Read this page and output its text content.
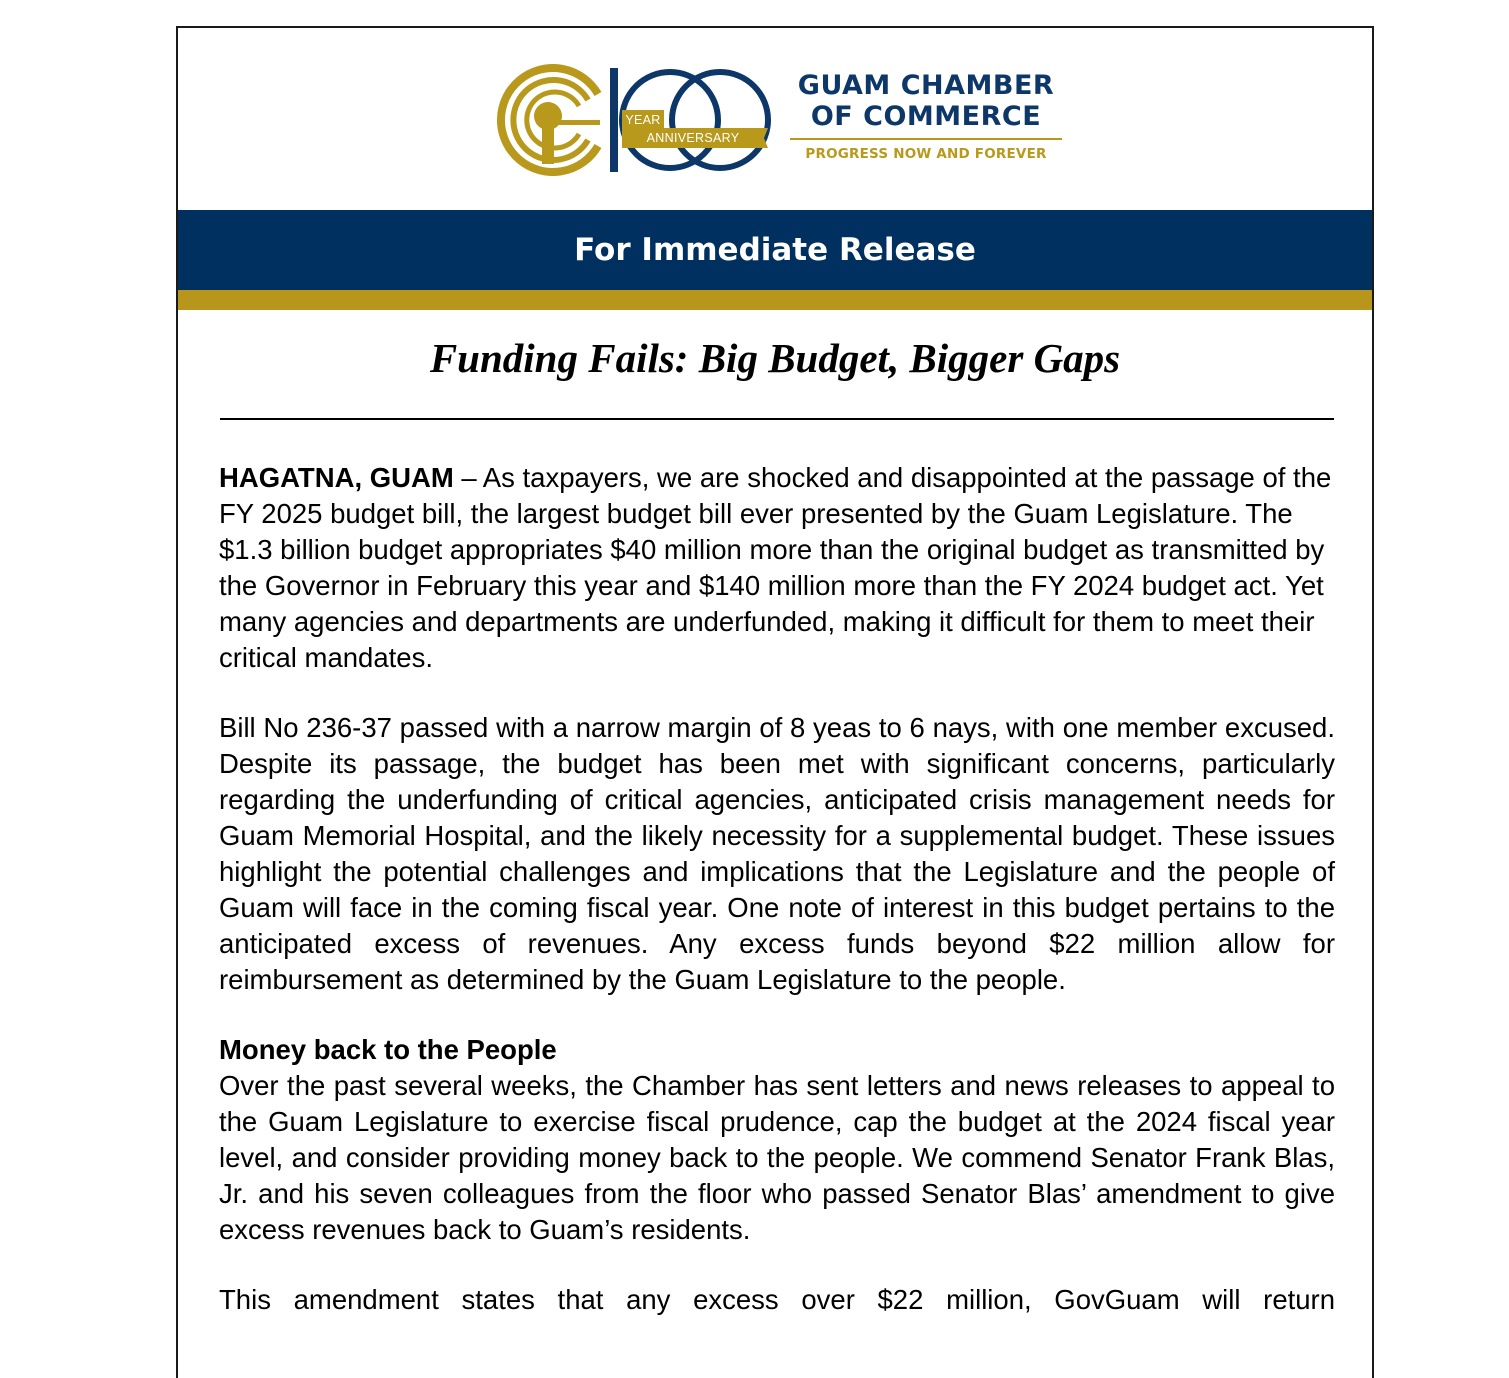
YEAR
ANNIVERSARY
GUAM CHAMBER
OF COMMERCE
PROGRESS NOW AND FOREVER
For Immediate Release
Funding Fails: Big Budget, Bigger Gaps

HAGATNA, GUAM – As taxpayers, we are shocked and disappointed at the passage of the FY 2025 budget bill, the largest budget bill ever presented by the Guam Legislature. The $1.3 billion budget appropriates $40 million more than the original budget as transmitted by the Governor in February this year and $140 million more than the FY 2024 budget act. Yet many agencies and departments are underfunded, making it difficult for them to meet their critical mandates.

Bill No 236-37 passed with a narrow margin of 8 yeas to 6 nays, with one member excused. Despite its passage, the budget has been met with significant concerns, particularly regarding the underfunding of critical agencies, anticipated crisis management needs for Guam Memorial Hospital, and the likely necessity for a supplemental budget. These issues highlight the potential challenges and implications that the Legislature and the people of Guam will face in the coming fiscal year. One note of interest in this budget pertains to the anticipated excess of revenues. Any excess funds beyond $22 million allow for reimbursement as determined by the Guam Legislature to the people.

Money back to the People

Over the past several weeks, the Chamber has sent letters and news releases to appeal to the Guam Legislature to exercise fiscal prudence, cap the budget at the 2024 fiscal year level, and consider providing money back to the people. We commend Senator Frank Blas, Jr. and his seven colleagues from the floor who passed Senator Blas’ amendment to give excess revenues back to Guam’s residents.

This amendment states that any excess over $22 million, GovGuam will return
